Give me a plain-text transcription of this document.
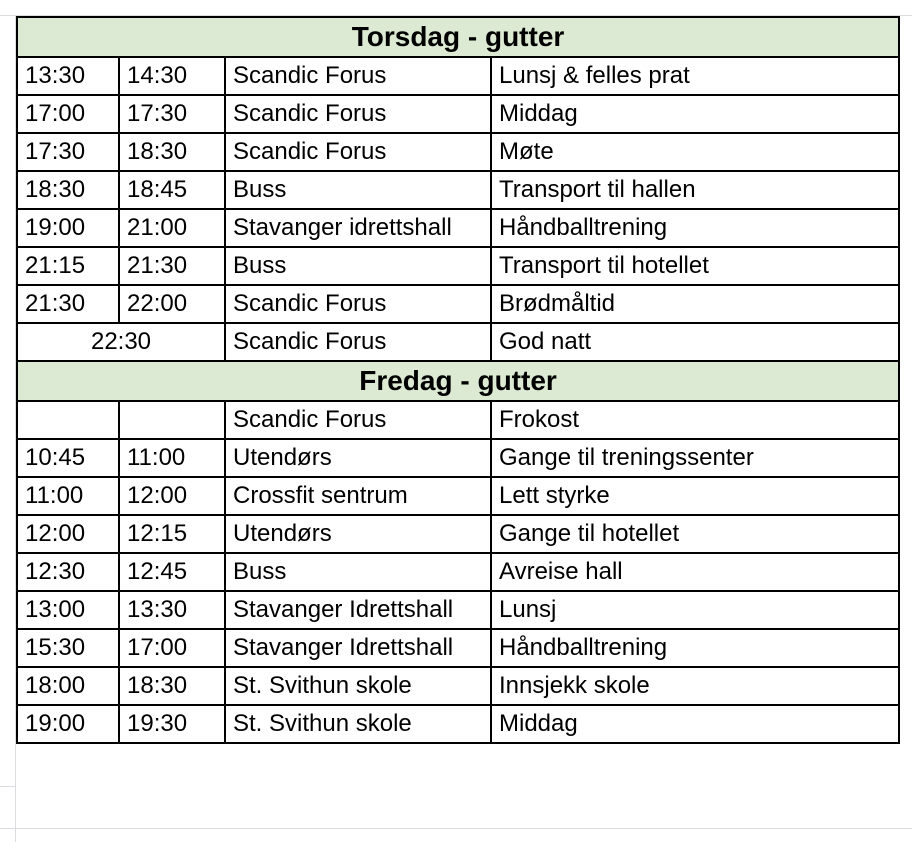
Torsdag - gutter			
13:30	14:30	Scandic Forus	Lunsj & felles prat
17:00	17:30	Scandic Forus	Middag
17:30	18:30	Scandic Forus	Møte
18:30	18:45	Buss	Transport til hallen
19:00	21:00	Stavanger idrettshall	Håndballtrening
21:15	21:30	Buss	Transport til hotellet
21:30	22:00	Scandic Forus	Brødmåltid
22:30		Scandic Forus	God natt
Fredag - gutter			
		Scandic Forus	Frokost
10:45	11:00	Utendørs	Gange til treningssenter
11:00	12:00	Crossfit sentrum	Lett styrke
12:00	12:15	Utendørs	Gange til hotellet
12:30	12:45	Buss	Avreise hall
13:00	13:30	Stavanger Idrettshall	Lunsj
15:30	17:00	Stavanger Idrettshall	Håndballtrening
18:00	18:30	St. Svithun skole	Innsjekk skole
19:00	19:30	St. Svithun skole	Middag
